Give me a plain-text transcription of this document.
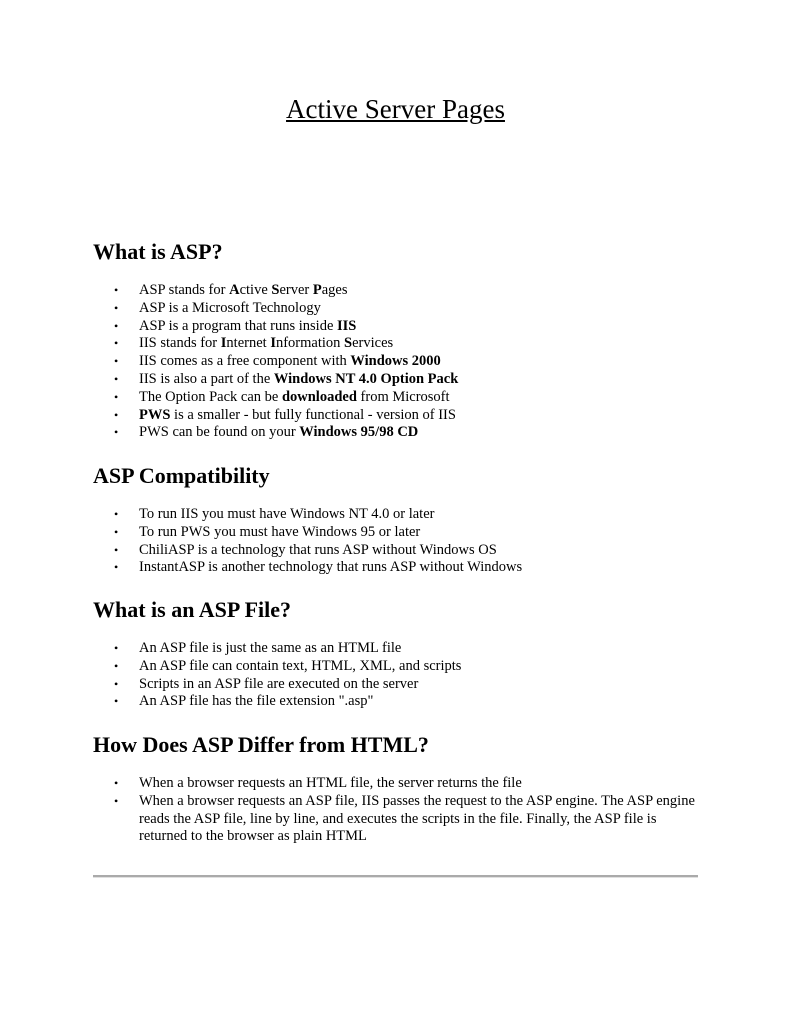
Active Server Pages
What is ASP?
• ASP stands for Active Server Pages
• ASP is a Microsoft Technology
• ASP is a program that runs inside IIS
• IIS stands for Internet Information Services
• IIS comes as a free component with Windows 2000
• IIS is also a part of the Windows NT 4.0 Option Pack
• The Option Pack can be downloaded from Microsoft
• PWS is a smaller - but fully functional - version of IIS
• PWS can be found on your Windows 95/98 CD
ASP Compatibility
• To run IIS you must have Windows NT 4.0 or later
• To run PWS you must have Windows 95 or later
• ChiliASP is a technology that runs ASP without Windows OS
• InstantASP is another technology that runs ASP without Windows
What is an ASP File?
• An ASP file is just the same as an HTML file
• An ASP file can contain text, HTML, XML, and scripts
• Scripts in an ASP file are executed on the server
• An ASP file has the file extension ".asp"
How Does ASP Differ from HTML?
• When a browser requests an HTML file, the server returns the file
• When a browser requests an ASP file, IIS passes the request to the ASP engine. The ASP engine reads the ASP file, line by line, and executes the scripts in the file. Finally, the ASP file is returned to the browser as plain HTML
